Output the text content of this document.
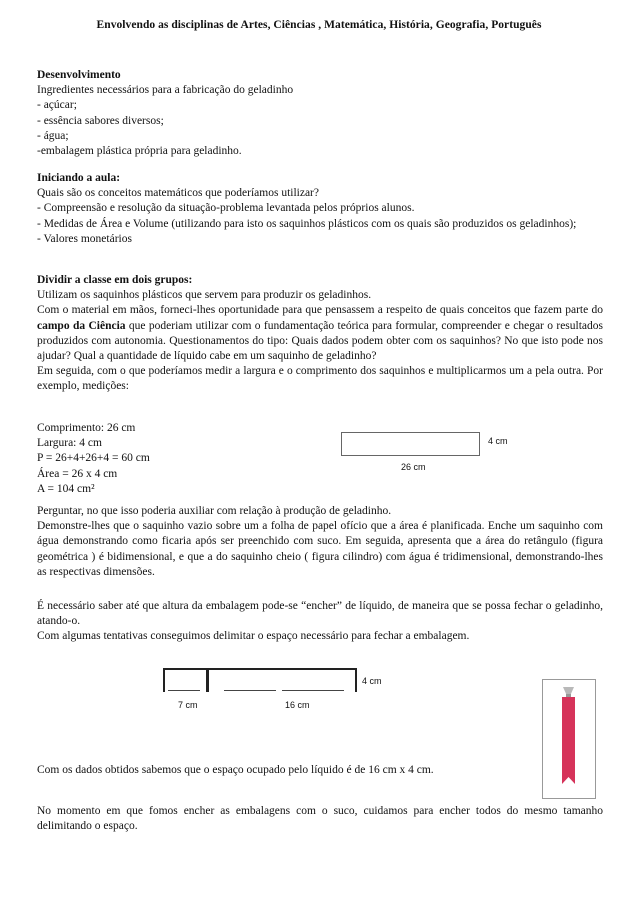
Envolvendo as disciplinas de Artes, Ciências , Matemática, História, Geografia, Português

Desenvolvimento

Ingredientes necessários para a fabricação do geladinho

- açúcar;

- essência sabores diversos;

- água;

-embalagem plástica própria para geladinho.

Iniciando a aula:

Quais são os conceitos matemáticos que poderíamos utilizar?

- Compreensão e resolução da situação-problema levantada pelos próprios alunos.

- Medidas de Área e Volume (utilizando para isto os saquinhos plásticos com os quais são produzidos os geladinhos);

- Valores monetários

Dividir a classe em dois grupos:

Utilizam os saquinhos plásticos que servem para produzir os geladinhos.

Com o material em mãos, forneci-lhes oportunidade para que pensassem a respeito de quais conceitos que fazem parte do campo da Ciência que poderiam utilizar com o fundamentação teórica para formular, compreender e chegar o resultados produzidos com autonomia. Questionamentos do tipo: Quais dados podem obter com os saquinhos? No que isto pode nos ajudar? Qual a quantidade de líquido cabe em um saquinho de geladinho?

Em seguida, com o que poderíamos medir a largura e o comprimento dos saquinhos e multiplicarmos um a pela outra. Por exemplo, medições:

Comprimento: 26 cm

Largura: 4 cm

P = 26+4+26+4 = 60 cm

Área = 26 x 4 cm

A = 104 cm²

4 cm
26 cm

Perguntar, no que isso poderia auxiliar com relação à produção de geladinho.

Demonstre-lhes que o saquinho vazio sobre um a folha de papel ofício que a área é planificada. Enche um saquinho com água demonstrando como ficaria após ser preenchido com suco. Em seguida, apresenta que a área do retângulo (figura geométrica ) é bidimensional, e que a do saquinho cheio ( figura cilindro) com água é tridimensional, demonstrando-lhes as respectivas dimensões.

É necessário saber até que altura da embalagem pode-se “encher” de líquido, de maneira que se possa fechar o geladinho, atando-o.

Com algumas tentativas conseguimos delimitar o espaço necessário para fechar a embalagem.

4 cm
7 cm	16 cm

Com os dados obtidos sabemos que o espaço ocupado pelo líquido é de 16 cm x 4 cm.

No momento em que fomos encher as embalagens com o suco, cuidamos para encher todos do mesmo tamanho delimitando o espaço.
